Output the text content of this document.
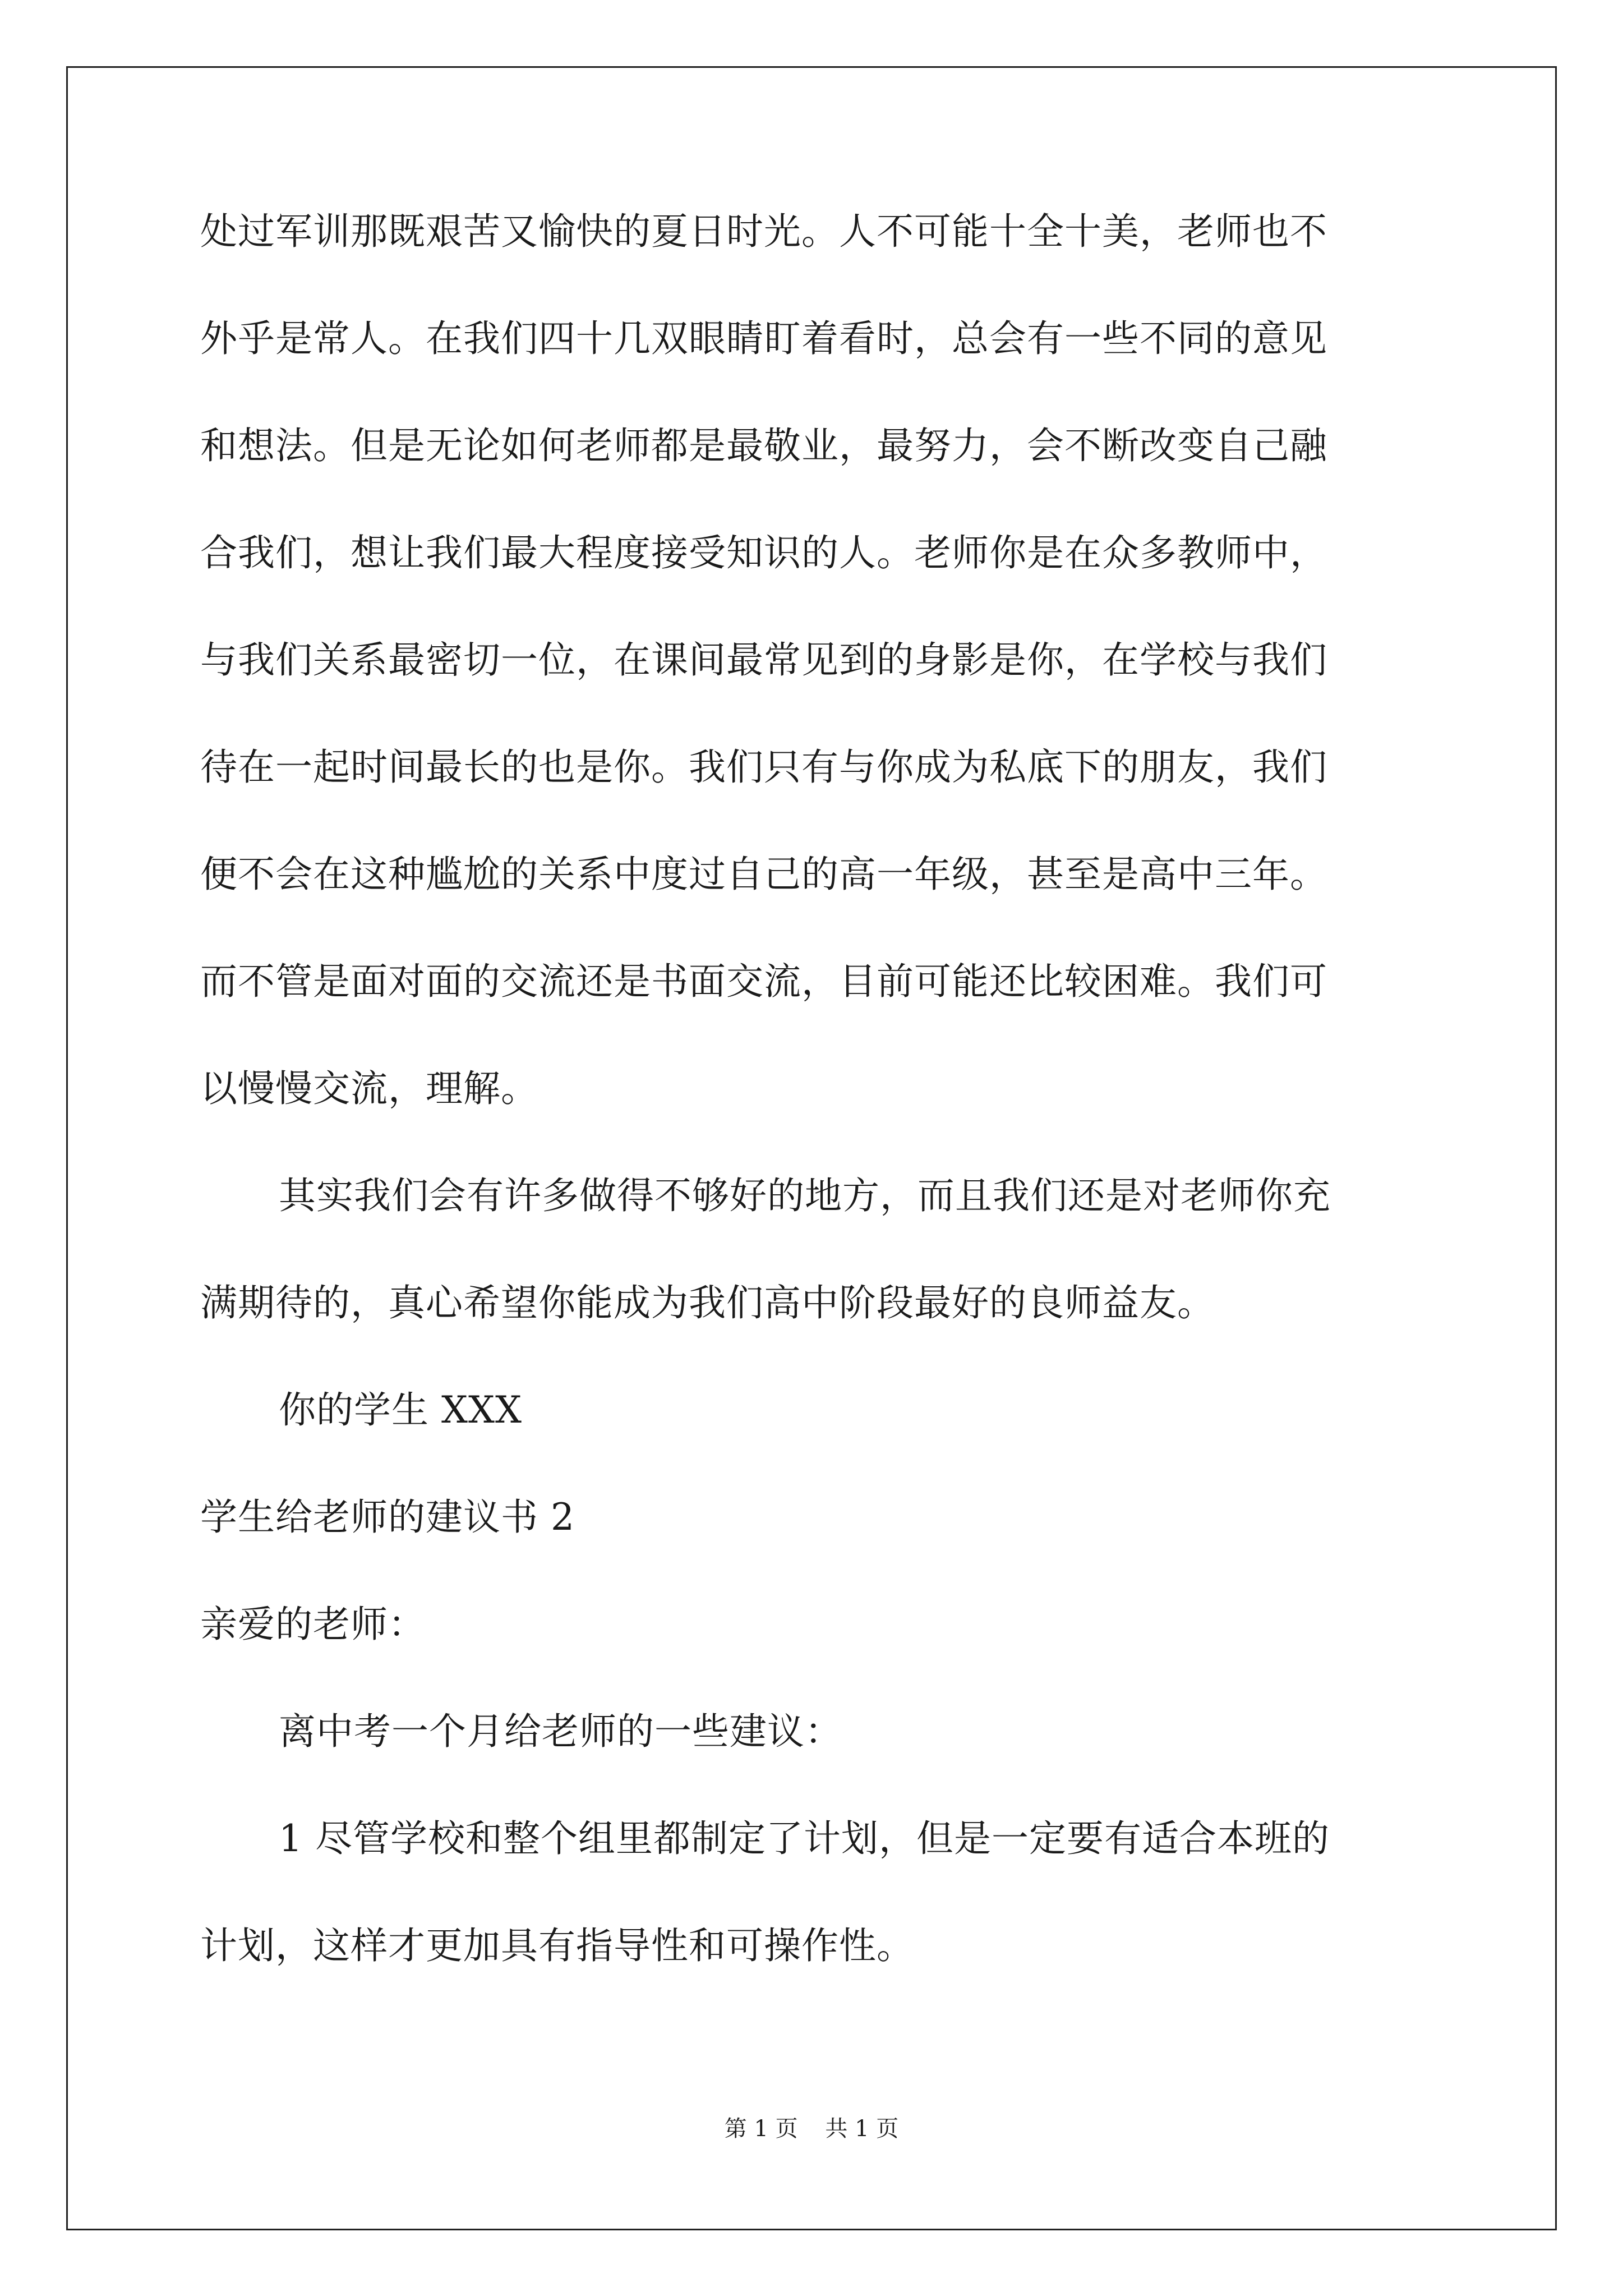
处过军训那既艰苦又愉快的夏日时光。人不可能十全十美，老师也不
外乎是常人。在我们四十几双眼睛盯着看时，总会有一些不同的意见
和想法。但是无论如何老师都是最敬业，最努力，会不断改变自己融
合我们，想让我们最大程度接受知识的人。老师你是在众多教师中，
与我们关系最密切一位，在课间最常见到的身影是你，在学校与我们
待在一起时间最长的也是你。我们只有与你成为私底下的朋友，我们
便不会在这种尴尬的关系中度过自己的高一年级，甚至是高中三年。
而不管是面对面的交流还是书面交流，目前可能还比较困难。我们可
以慢慢交流，理解。
其实我们会有许多做得不够好的地方，而且我们还是对老师你充
满期待的，真心希望你能成为我们高中阶段最好的良师益友。
你的学生 XXX
学生给老师的建议书 2
亲爱的老师：
离中考一个月给老师的一些建议：
1 尽管学校和整个组里都制定了计划，但是一定要有适合本班的
计划，这样才更加具有指导性和可操作性。
第 1 页 共 1 页
